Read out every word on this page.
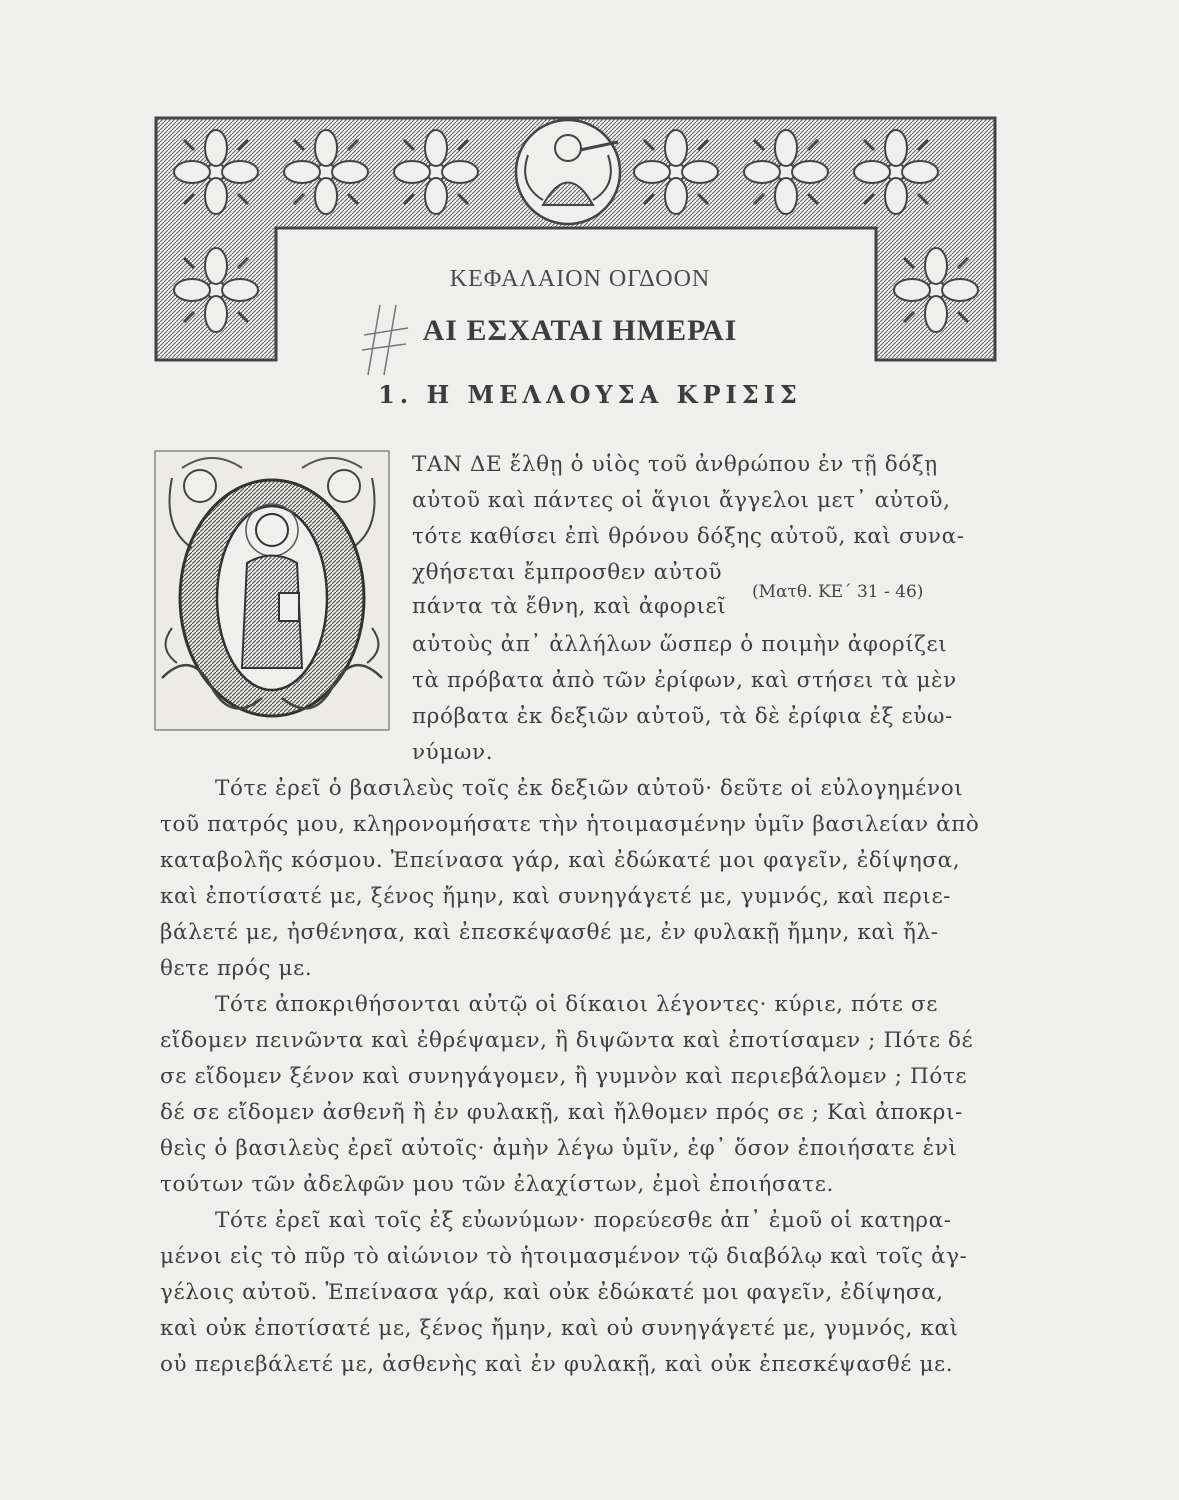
ΚΕΦΑΛΑΙΟΝ ΟΓΔΟΟΝ
ΑΙ ΕΣΧΑΤΑΙ ΗΜΕΡΑΙ
1. Η ΜΕΛΛΟΥΣΑ ΚΡΙΣΙΣ
ΤΑΝ ΔΕ ἔλθῃ ὁ υἱὸς τοῦ ἀνθρώπου ἐν τῇ δόξῃ
αὐτοῦ καὶ πάντες οἱ ἅγιοι ἄγγελοι μετ᾽ αὐτοῦ,
τότε καθίσει ἐπὶ θρόνου δόξης αὐτοῦ, καὶ συνα-
χθήσεται ἔμπροσθεν αὐτοῦ
πάντα τὰ ἔθνη, καὶ ἀφοριεῖ
αὐτοὺς ἀπ᾽ ἀλλήλων ὥσπερ ὁ ποιμὴν ἀφορίζει
τὰ πρόβατα ἀπὸ τῶν ἐρίφων, καὶ στήσει τὰ μὲν
πρόβατα ἐκ δεξιῶν αὐτοῦ, τὰ δὲ ἐρίφια ἐξ εὐω-
νύμων.
(Ματθ. ΚΕ΄ 31 - 46)
Τότε ἐρεῖ ὁ βασιλεὺς τοῖς ἐκ δεξιῶν αὐτοῦ· δεῦτε οἱ εὐλογημένοι
τοῦ πατρός μου, κληρονομήσατε τὴν ἡτοιμασμένην ὑμῖν βασιλείαν ἀπὸ
καταβολῆς κόσμου. Ἐπείνασα γάρ, καὶ ἐδώκατέ μοι φαγεῖν, ἐδίψησα,
καὶ ἐποτίσατέ με, ξένος ἤμην, καὶ συνηγάγετέ με, γυμνός, καὶ περιε-
βάλετέ με, ἠσθένησα, καὶ ἐπεσκέψασθέ με, ἐν φυλακῇ ἤμην, καὶ ἤλ-
θετε πρός με.
Τότε ἀποκριθήσονται αὐτῷ οἱ δίκαιοι λέγοντες· κύριε, πότε σε
εἴδομεν πεινῶντα καὶ ἐθρέψαμεν, ἢ διψῶντα καὶ ἐποτίσαμεν ; Πότε δέ
σε εἴδομεν ξένον καὶ συνηγάγομεν, ἢ γυμνὸν καὶ περιεβάλομεν ; Πότε
δέ σε εἴδομεν ἀσθενῆ ἢ ἐν φυλακῇ, καὶ ἤλθομεν πρός σε ; Καὶ ἀποκρι-
θεὶς ὁ βασιλεὺς ἐρεῖ αὐτοῖς· ἀμὴν λέγω ὑμῖν, ἐφ᾽ ὅσον ἐποιήσατε ἑνὶ
τούτων τῶν ἀδελφῶν μου τῶν ἐλαχίστων, ἐμοὶ ἐποιήσατε.
Τότε ἐρεῖ καὶ τοῖς ἐξ εὐωνύμων· πορεύεσθε ἀπ᾽ ἐμοῦ οἱ κατηρα-
μένοι εἰς τὸ πῦρ τὸ αἰώνιον τὸ ἡτοιμασμένον τῷ διαβόλῳ καὶ τοῖς ἀγ-
γέλοις αὐτοῦ. Ἐπείνασα γάρ, καὶ οὐκ ἐδώκατέ μοι φαγεῖν, ἐδίψησα,
καὶ οὐκ ἐποτίσατέ με, ξένος ἤμην, καὶ οὐ συνηγάγετέ με, γυμνός, καὶ
οὐ περιεβάλετέ με, ἀσθενὴς καὶ ἐν φυλακῇ, καὶ οὐκ ἐπεσκέψασθέ με.
